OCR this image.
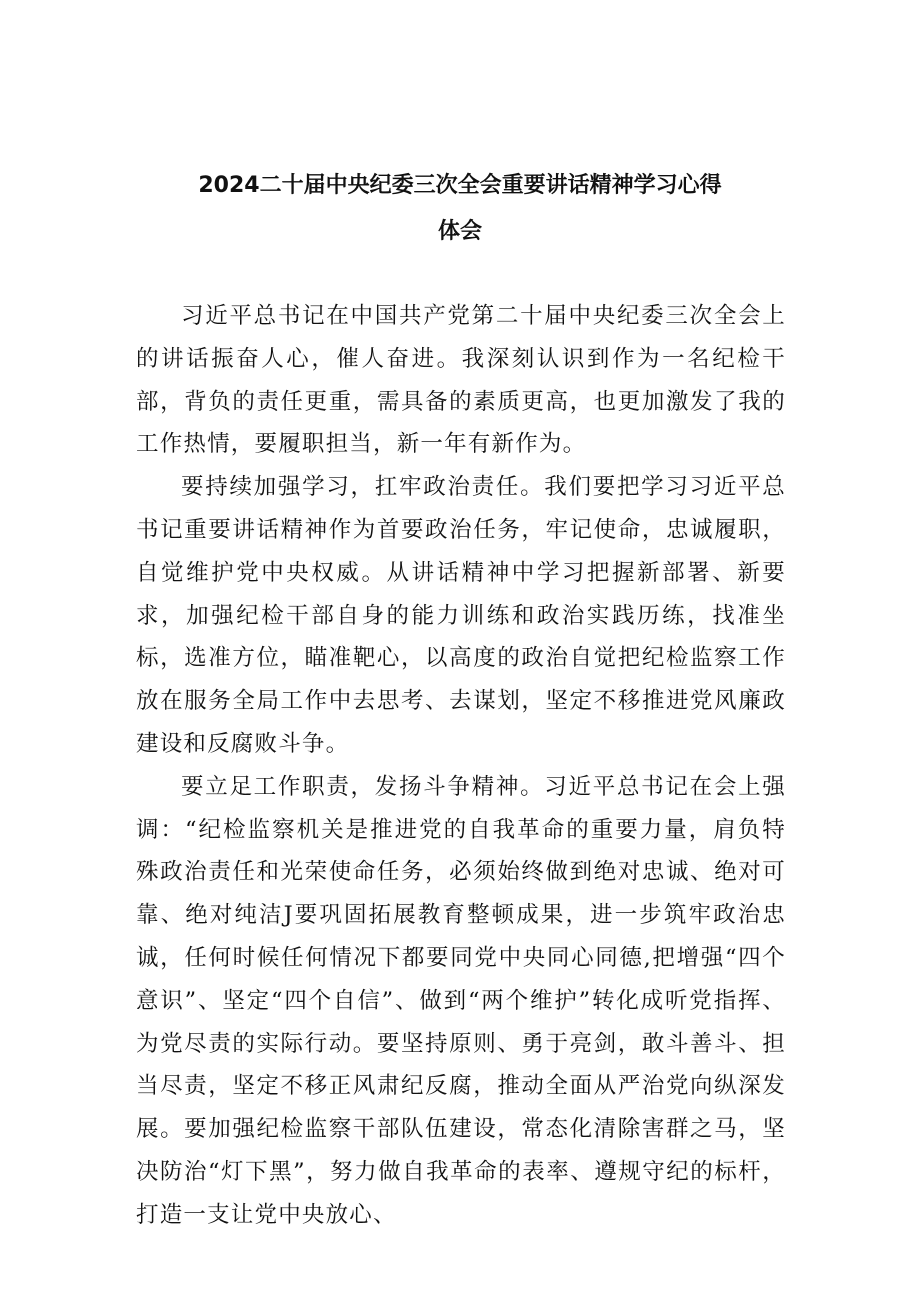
2024二十届中央纪委三次全会重要讲话精神学习心得
体会

习近平总书记在中国共产党第二十届中央纪委三次全会上的讲话振奋人心，催人奋进。我深刻认识到作为一名纪检干部，背负的责任更重，需具备的素质更高，也更加激发了我的工作热情，要履职担当，新一年有新作为。

要持续加强学习，扛牢政治责任。我们要把学习习近平总书记重要讲话精神作为首要政治任务，牢记使命，忠诚履职，自觉维护党中央权威。从讲话精神中学习把握新部署、新要求，加强纪检干部自身的能力训练和政治实践历练，找准坐标，选准方位，瞄准靶心，以高度的政治自觉把纪检监察工作放在服务全局工作中去思考、去谋划，坚定不移推进党风廉政建设和反腐败斗争。

要立足工作职责，发扬斗争精神。习近平总书记在会上强调：“纪检监察机关是推进党的自我革命的重要力量，肩负特殊政治责任和光荣使命任务，必须始终做到绝对忠诚、绝对可靠、绝对纯洁J要巩固拓展教育整顿成果，进一步筑牢政治忠诚，任何时候任何情况下都要同党中央同心同德,把增强“四个意识”、坚定“四个自信”、做到“两个维护”转化成听党指挥、为党尽责的实际行动。要坚持原则、勇于亮剑，敢斗善斗、担当尽责，坚定不移正风肃纪反腐，推动全面从严治党向纵深发展。要加强纪检监察干部队伍建设，常态化清除害群之马，坚决防治“灯下黑”，努力做自我革命的表率、遵规守纪的标杆，打造一支让党中央放心、
